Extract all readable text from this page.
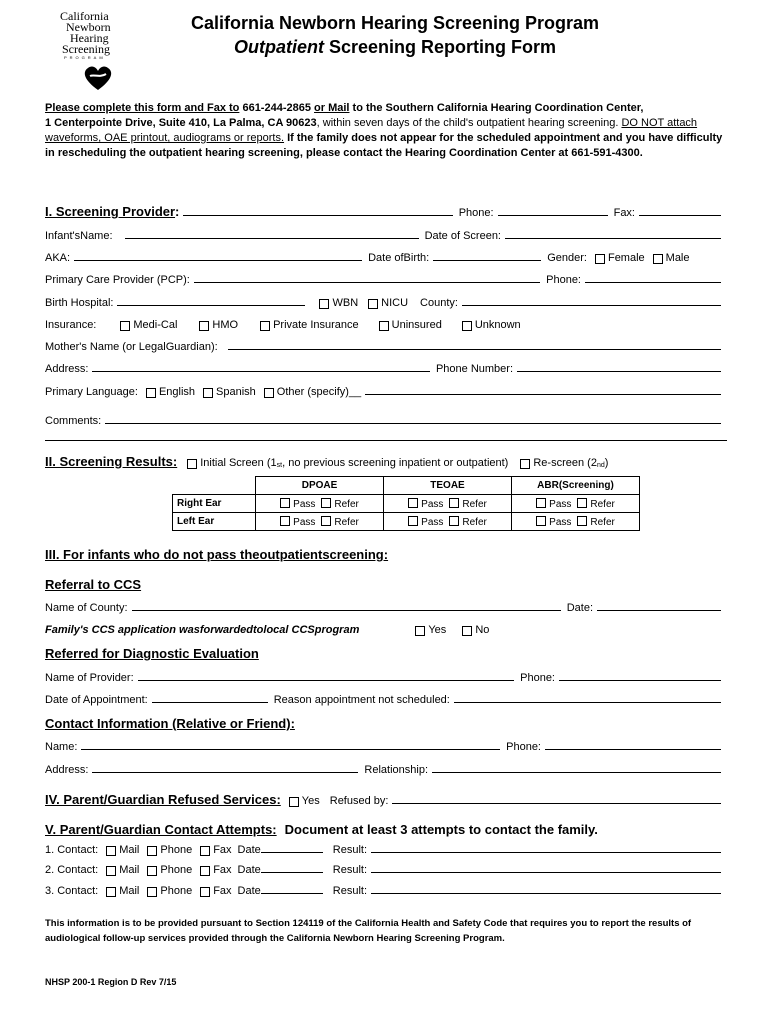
California
Newborn
Hearing
Screening
PROGRAM
California Newborn Hearing Screening Program
Outpatient Screening Reporting Form
Please complete this form and Fax to 661-244-2865 or Mail to the Southern California Hearing Coordination Center,
1 Centerpointe Drive, Suite 410, La Palma, CA 90623, within seven days of the child's outpatient hearing screening. DO NOT attach waveforms, OAE printout, audiograms or reports. If the family does not appear for the scheduled appointment and you have difficulty in rescheduling the outpatient hearing screening, please contact the Hearing Coordination Center at 661-591-4300.
I. Screening Provider :	Phone:	Fax:
Infant'sName:	Date of Screen:
AKA:	Date ofBirth:	Gender: Female Male
Primary Care Provider (PCP):	Phone:
Birth Hospital:	WBN NICU County:
Insurance:	Medi-Cal	HMO	Private Insurance	Uninsured	Unknown
Mother's Name (or LegalGuardian):
Address:	Phone Number:
Primary Language: English Spanish Other (specify)__
Comments:
II. Screening Results: Initial Screen ($1_{st}$ , no previous screening inpatient or outpatient) Re-screen ($2_{nd}$ )
	DPOAE	TEOAE	ABR(Screening)
Right Ear	Pass Refer	Pass Refer	Pass Refer
Left Ear	Pass Refer	Pass Refer	Pass Refer
III. For infants who do not pass theoutpatientscreening:
Referral to CCS
Name of County:	Date:
Family's CCS application wasforwardedtolocal CCSprogram	Yes	No
Referred for Diagnostic Evaluation
Name of Provider:	Phone:
Date of Appointment:	Reason appointment not scheduled:
Contact Information (Relative or Friend):
Name:	Phone:
Address:	Relationship:
IV. Parent/Guardian Refused Services: Yes Refused by:
V. Parent/Guardian Contact Attempts: Document at least 3 attempts to contact the family.
1. Contact: Mail Phone Fax Date	Result:
2. Contact: Mail Phone Fax Date	Result:
3. Contact: Mail Phone Fax Date	Result:
This information is to be provided pursuant to Section 124119 of the California Health and Safety Code that requires you to report the results of audiological follow-up services provided through the California Newborn Hearing Screening Program.
NHSP 200-1 Region D Rev 7/15
